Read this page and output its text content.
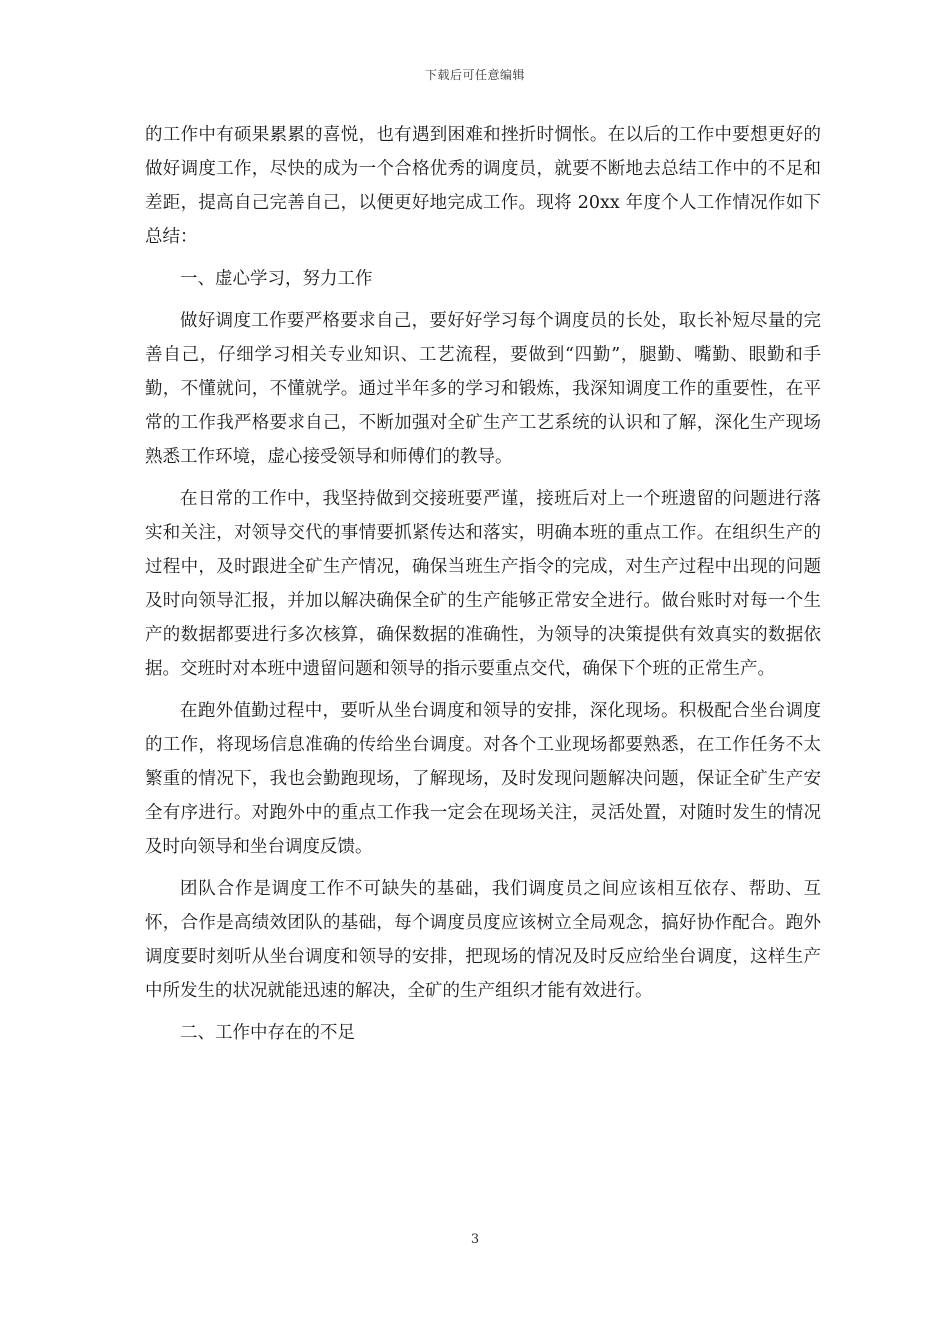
下载后可任意编辑

的工作中有硕果累累的喜悦，也有遇到困难和挫折时惆怅。在以后的工作中要想更好的做好调度工作，尽快的成为一个合格优秀的调度员，就要不断地去总结工作中的不足和差距，提高自己完善自己，以便更好地完成工作。现将 20xx 年度个人工作情况作如下总结：

一、虚心学习，努力工作

做好调度工作要严格要求自己，要好好学习每个调度员的长处，取长补短尽量的完善自己，仔细学习相关专业知识、工艺流程，要做到“四勤”，腿勤、嘴勤、眼勤和手勤，不懂就问，不懂就学。通过半年多的学习和锻炼，我深知调度工作的重要性，在平常的工作我严格要求自己，不断加强对全矿生产工艺系统的认识和了解，深化生产现场熟悉工作环境，虚心接受领导和师傅们的教导。

在日常的工作中，我坚持做到交接班要严谨，接班后对上一个班遗留的问题进行落实和关注，对领导交代的事情要抓紧传达和落实，明确本班的重点工作。在组织生产的过程中，及时跟进全矿生产情况，确保当班生产指令的完成，对生产过程中出现的问题及时向领导汇报，并加以解决确保全矿的生产能够正常安全进行。做台账时对每一个生产的数据都要进行多次核算，确保数据的准确性，为领导的决策提供有效真实的数据依据。交班时对本班中遗留问题和领导的指示要重点交代，确保下个班的正常生产。

在跑外值勤过程中，要听从坐台调度和领导的安排，深化现场。积极配合坐台调度的工作，将现场信息准确的传给坐台调度。对各个工业现场都要熟悉，在工作任务不太繁重的情况下，我也会勤跑现场，了解现场，及时发现问题解决问题，保证全矿生产安全有序进行。对跑外中的重点工作我一定会在现场关注，灵活处置，对随时发生的情况及时向领导和坐台调度反馈。

团队合作是调度工作不可缺失的基础，我们调度员之间应该相互依存、帮助、互怀，合作是高绩效团队的基础，每个调度员度应该树立全局观念，搞好协作配合。跑外调度要时刻听从坐台调度和领导的安排，把现场的情况及时反应给坐台调度，这样生产中所发生的状况就能迅速的解决，全矿的生产组织才能有效进行。

二、工作中存在的不足

3
